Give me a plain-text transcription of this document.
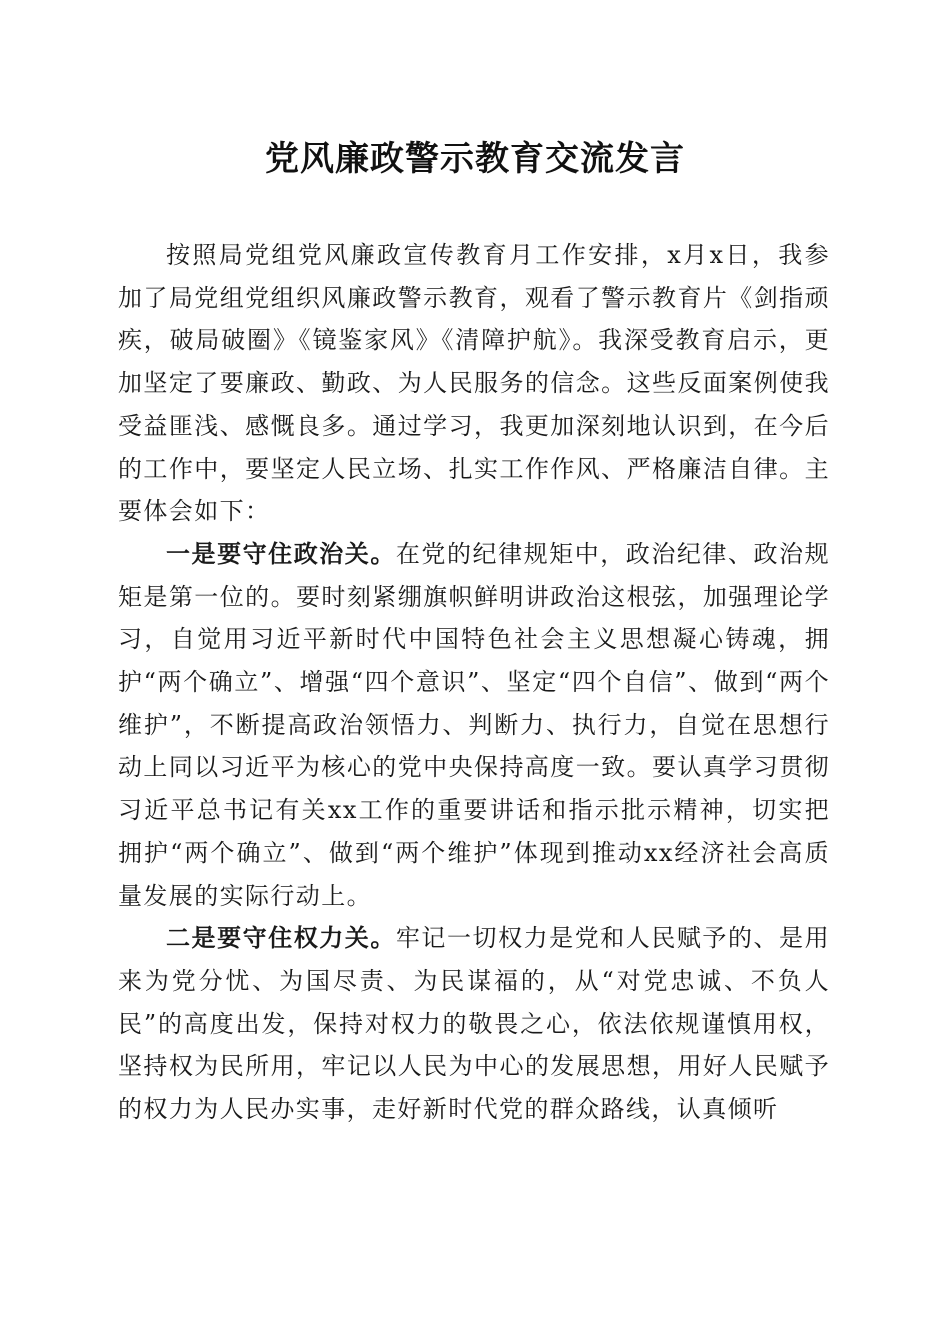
党风廉政警示教育交流发言

按照局党组党风廉政宣传教育月工作安排，x月x日，我参加了局党组党组织风廉政警示教育，观看了警示教育片《剑指顽疾，破局破圈》《镜鉴家风》《清障护航》。我深受教育启示，更加坚定了要廉政、勤政、为人民服务的信念。这些反面案例使我受益匪浅、感慨良多。通过学习，我更加深刻地认识到，在今后的工作中，要坚定人民立场、扎实工作作风、严格廉洁自律。主要体会如下：

一是要守住政治关。在党的纪律规矩中，政治纪律、政治规矩是第一位的。要时刻紧绷旗帜鲜明讲政治这根弦，加强理论学习，自觉用习近平新时代中国特色社会主义思想凝心铸魂，拥护“两个确立”、增强“四个意识”、坚定“四个自信”、做到“两个维护”，不断提高政治领悟力、判断力、执行力，自觉在思想行动上同以习近平为核心的党中央保持高度一致。要认真学习贯彻习近平总书记有关xx工作的重要讲话和指示批示精神，切实把拥护“两个确立”、做到“两个维护”体现到推动xx经济社会高质量发展的实际行动上。

二是要守住权力关。牢记一切权力是党和人民赋予的、是用来为党分忧、为国尽责、为民谋福的，从“对党忠诚、不负人民”的高度出发，保持对权力的敬畏之心，依法依规谨慎用权，坚持权为民所用，牢记以人民为中心的发展思想，用好人民赋予的权力为人民办实事，走好新时代党的群众路线，认真倾听
